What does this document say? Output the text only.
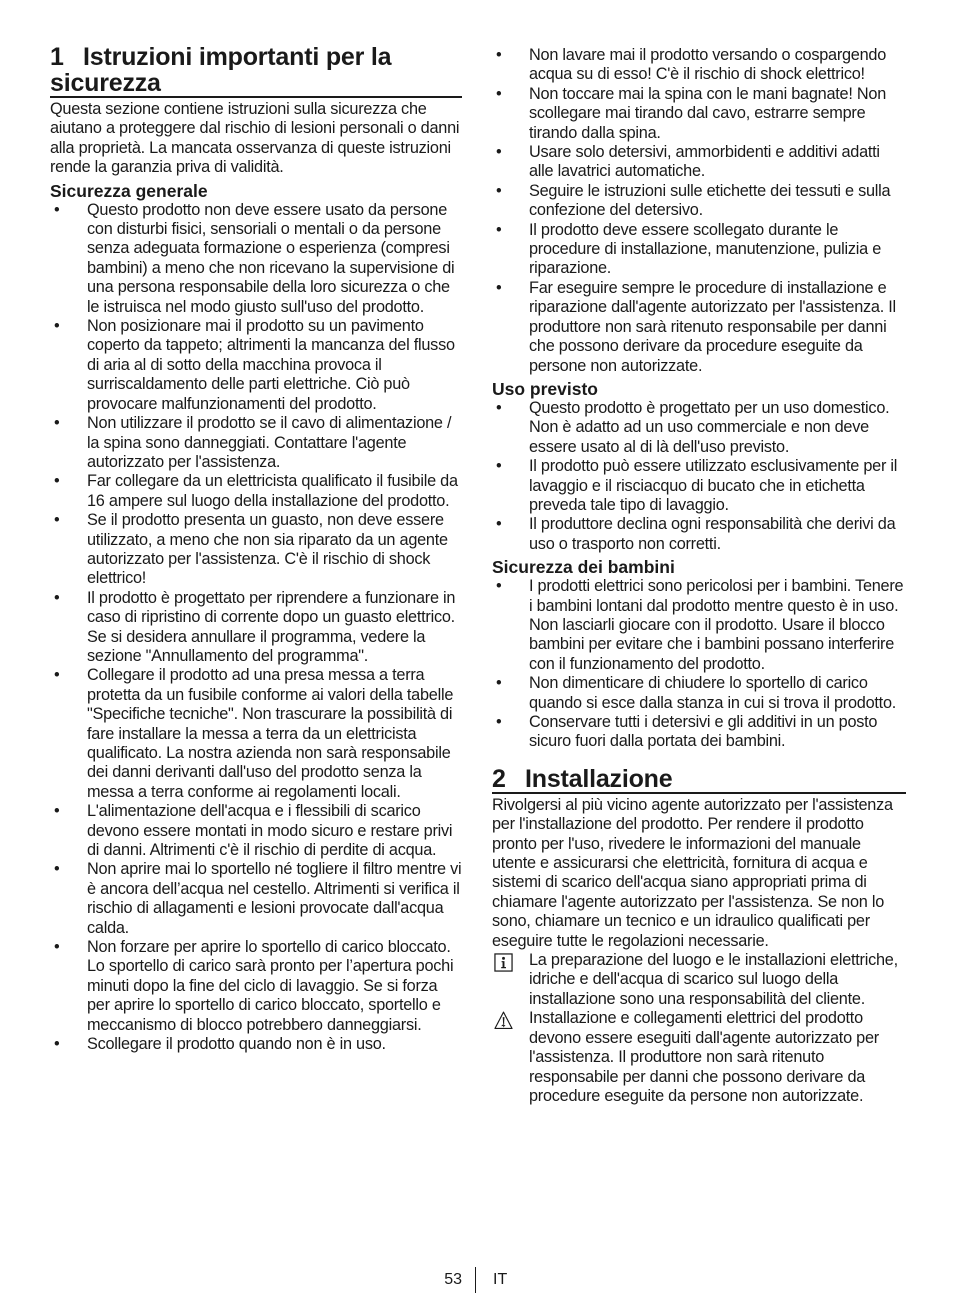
1 Istruzioni importanti per la sicurezza

Questa sezione contiene istruzioni sulla sicurezza che aiutano a proteggere dal rischio di lesioni personali o danni alla proprietà. La mancata osservanza di queste istruzioni rende la garanzia priva di validità.

Sicurezza generale
• Questo prodotto non deve essere usato da persone con disturbi fisici, sensoriali o mentali o da persone senza adeguata formazione o esperienza (compresi bambini) a meno che non ricevano la supervisione di una persona responsabile della loro sicurezza o che le istruisca nel modo giusto sull'uso del prodotto.
• Non posizionare mai il prodotto su un pavimento coperto da tappeto; altrimenti la mancanza del flusso di aria al di sotto della macchina provoca il surriscaldamento delle parti elettriche. Ciò può provocare malfunzionamenti del prodotto.
• Non utilizzare il prodotto se il cavo di alimentazione / la spina sono danneggiati. Contattare l'agente autorizzato per l'assistenza.
• Far collegare da un elettricista qualificato il fusibile da 16 ampere sul luogo della installazione del prodotto.
• Se il prodotto presenta un guasto, non deve essere utilizzato, a meno che non sia riparato da un agente autorizzato per l'assistenza. C'è il rischio di shock elettrico!
• Il prodotto è progettato per riprendere a funzionare in caso di ripristino di corrente dopo un guasto elettrico. Se si desidera annullare il programma, vedere la sezione "Annullamento del programma".
• Collegare il prodotto ad una presa messa a terra protetta da un fusibile conforme ai valori della tabelle "Specifiche tecniche". Non trascurare la possibilità di fare installare la messa a terra da un elettricista qualificato. La nostra azienda non sarà responsabile dei danni derivanti dall'uso del prodotto senza la messa a terra conforme ai regolamenti locali.
• L'alimentazione dell'acqua e i flessibili di scarico devono essere montati in modo sicuro e restare privi di danni. Altrimenti c'è il rischio di perdite di acqua.
• Non aprire mai lo sportello né togliere il filtro mentre vi è ancora dell’acqua nel cestello. Altrimenti si verifica il rischio di allagamenti e lesioni provocate dall'acqua calda.
• Non forzare per aprire lo sportello di carico bloccato. Lo sportello di carico sarà pronto per l’apertura pochi minuti dopo la fine del ciclo di lavaggio. Se si forza per aprire lo sportello di carico bloccato, sportello e meccanismo di blocco potrebbero danneggiarsi.
• Scollegare il prodotto quando non è in uso.
• Non lavare mai il prodotto versando o cospargendo acqua su di esso! C'è il rischio di shock elettrico!
• Non toccare mai la spina con le mani bagnate! Non scollegare mai tirando dal cavo, estrarre sempre tirando dalla spina.
• Usare solo detersivi, ammorbidenti e additivi adatti alle lavatrici automatiche.
• Seguire le istruzioni sulle etichette dei tessuti e sulla confezione del detersivo.
• Il prodotto deve essere scollegato durante le procedure di installazione, manutenzione, pulizia e riparazione.
• Far eseguire sempre le procedure di installazione e riparazione dall'agente autorizzato per l'assistenza. Il produttore non sarà ritenuto responsabile per danni che possono derivare da procedure eseguite da persone non autorizzate.
Uso previsto
• Questo prodotto è progettato per un uso domestico. Non è adatto ad un uso commerciale e non deve essere usato al di là dell'uso previsto.
• Il prodotto può essere utilizzato esclusivamente per il lavaggio e il risciacquo di bucato che in etichetta preveda tale tipo di lavaggio.
• Il produttore declina ogni responsabilità che derivi da uso o trasporto non corretti.
Sicurezza dei bambini
• I prodotti elettrici sono pericolosi per i bambini. Tenere i bambini lontani dal prodotto mentre questo è in uso. Non lasciarli giocare con il prodotto. Usare il blocco bambini per evitare che i bambini possano interferire con il funzionamento del prodotto.
• Non dimenticare di chiudere lo sportello di carico quando si esce dalla stanza in cui si trova il prodotto.
• Conservare tutti i detersivi e gli additivi in un posto sicuro fuori dalla portata dei bambini.
2 Installazione

Rivolgersi al più vicino agente autorizzato per l'assistenza per l'installazione del prodotto. Per rendere il prodotto pronto per l'uso, rivedere le informazioni del manuale utente e assicurarsi che elettricità, fornitura di acqua e sistemi di scarico dell'acqua siano appropriati prima di chiamare l'agente autorizzato per l'assistenza. Se non lo sono, chiamare un tecnico e un idraulico qualificati per eseguire tutte le regolazioni necessarie.

La preparazione del luogo e le installazioni elettriche, idriche e dell'acqua di scarico sul luogo della installazione sono una responsabilità del cliente.
Installazione e collegamenti elettrici del prodotto devono essere eseguiti dall'agente autorizzato per l'assistenza. Il produttore non sarà ritenuto responsabile per danni che possono derivare da procedure eseguite da persone non autorizzate.
53 IT
